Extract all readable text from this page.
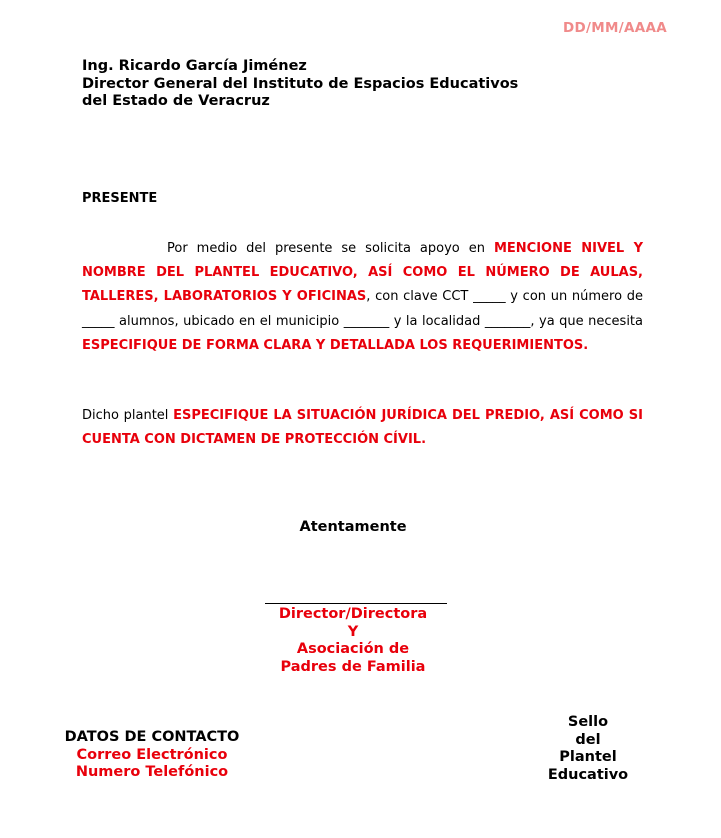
DD/MM/AAAA
Ing. Ricardo García Jiménez
Director General del Instituto de Espacios Educativos
del Estado de Veracruz
PRESENTE
Por medio del presente se solicita apoyo en MENCIONE NIVEL Y NOMBRE DEL PLANTEL EDUCATIVO, ASÍ COMO EL NÚMERO DE AULAS, TALLERES, LABORATORIOS Y OFICINAS, con clave CCT _____ y con un número de _____ alumnos, ubicado en el municipio _______ y la localidad _______, ya que necesita ESPECIFIQUE DE FORMA CLARA Y DETALLADA LOS REQUERIMIENTOS.
Dicho plantel ESPECIFIQUE LA SITUACIÓN JURÍDICA DEL PREDIO, ASÍ COMO SI CUENTA CON DICTAMEN DE PROTECCIÓN CÍVIL.
Atentamente
Director/Directora
Y
Asociación de
Padres de Familia
DATOS DE CONTACTO
Correo Electrónico
Numero Telefónico
Sello
del
Plantel
Educativo
